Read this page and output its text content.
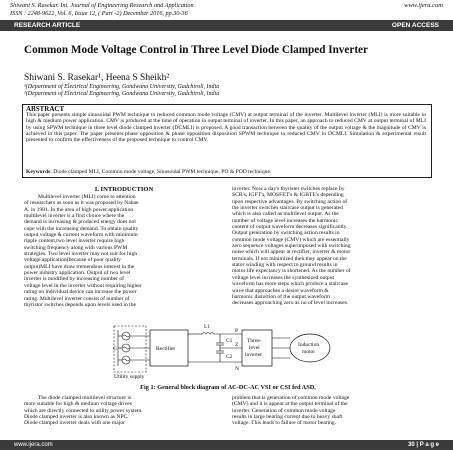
Shiwani S. Rasekar. Int. Journal of Engineering Research and Application
ISSN : 2248-9622, Vol. 6, Issue 12, ( Part -2) December 2016, pp.30-36
www.ijera.com
RESEARCH ARTICLE	OPEN ACCESS
Common Mode Voltage Control in Three Level Diode Clamped Inverter
Shiwani S. Rasekar¹, Heena S Sheikh²
¹(Department of Electrical Engineering, Gondwana University, Gadchiroli, India
²(Department of Electrical Engineering, Gondwana University, Gadchiroli, India
ABSTRACT
This paper presents simple sinusoidal PWM technique to reduced common mode voltage (CMV) at output terminal of the inverter. Multilevel inverter (MLI) is more suitable in high & medium power application. CMV is produced at the time of operation in output terminal of inverter. In this paper, an approach to reduced CMV at output terminal of MLI by using SPWM technique in three level diode clamped inverter (DCMLI) is proposed. A good transaction between the quality of the output voltage & the magnitude of CMV is achieved in this paper. The paper presents phase opposition & phase opposition disposition SPWM technique to reduced CMV in DCMLI. Simulation & experimental result presented to confirm the effectiveness of the proposed technique to control CMV.
Keywords: Diode clamped MLI, Common mode voltage, Sinusoidal PWM technique, PO & POD technique.
I. INTRODUCTION
Multilevel inverter (MLI) come to attention
of researchers as soon as it was proposed by Nabae
A. in 1981. In the area of high power application
multilevel inverter is a first choice where the
demand is increasing & produced energy does not
cope with the increasing demand. To obtain quality
output voltage & current waveform with minimum
ripple content,two level inverter require high
switching frequency along with various PWM
strategies. Two level inverter may not suit for high
voltage application(because of poor quality
output)MLI have draw tremendous interest in the
power industry application. Output of two level
inverter is modified by increasing number of
voltage level in the inverter without requiring higher
rating on individual device can increase the power
rating. Multilevel inverter consist of number of
thyristor switches depends upon levels used in the
inverter. Now a day's thyrister switches replace by
SCR's, IGFT's, MOSFET's & IGBTE's depending
upon respective advantages. By switching action of
the inverter switches staircase output is generated
which is also called as multilevel output. As the
number of voltage level increases the harmonic
content of output waveform decreases significantly.
Output generation by switching action results in
common mode voltage (CMV) which are essentially
zero sequence voltages superimposed with switching
noise which will appear at rectifier, inverter & motor
terminals. If not minimized then they appear on the
stator winding with respect to ground results in
motor life expectancy is shortened. As the number of
voltage level increases the synthesized output
waveform has more steps which produce a staircase
wave that approaches a desire waveform &
harmonic distortion of the output waveform
decreases approaching zero as no of level increases.
G
Utility supply
Rectifier
L1
C1
C2
P
Z
N
Three-
level
inverter
Induction
motor
Fig 1: General block diagram of AC-DC-AC VSI or CSI fed ASD.
The diode clamped multilevel structure is
more suitable for high & medium voltage drives
which are directly connected to utility power system.
Diode clamped inverter is also known as NPC.
Diode clamped inverter deals with one major
problem that is generation of common mode voltage
(CMV) and it is appear at the output terminal of the
inverter. Generation of common mode voltage
results in large bearing current due to heavy shaft
voltage. This leads to failure of motor bearing.
www.ijera.com	30 | P a g e
